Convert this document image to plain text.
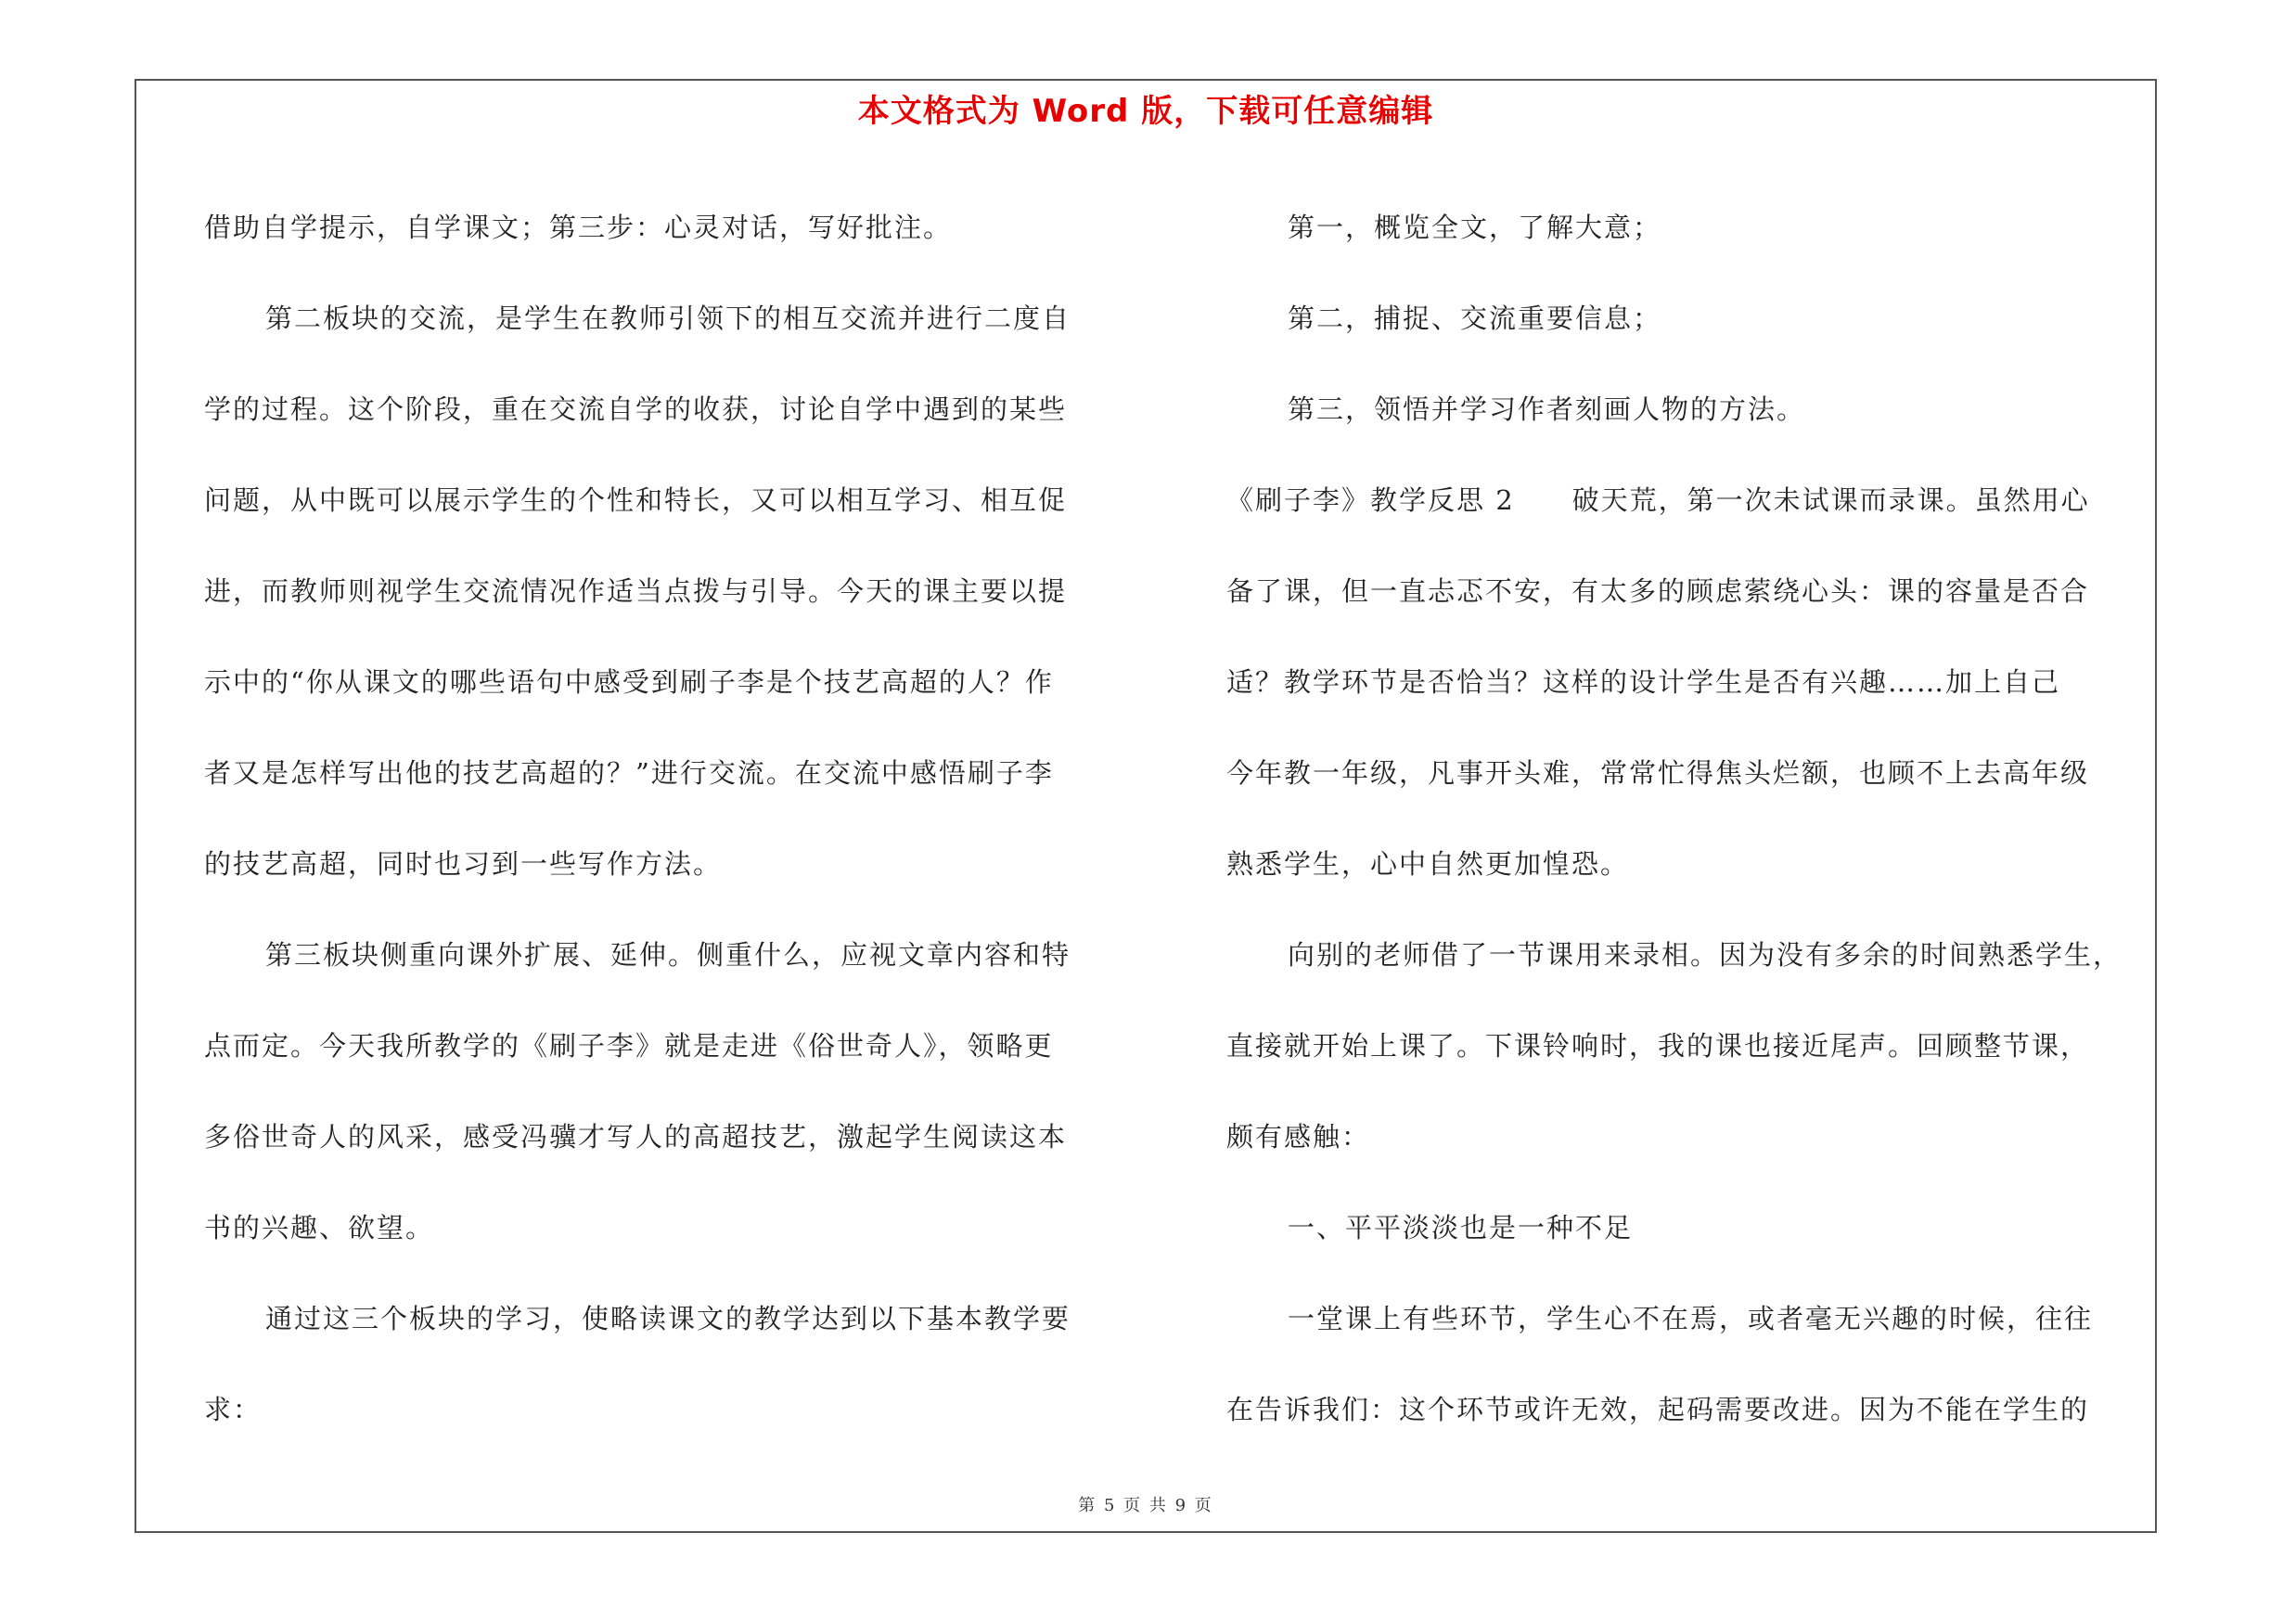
本文格式为 Word 版，下载可任意编辑

借助自学提示，自学课文；第三步：心灵对话，写好批注。

第二板块的交流，是学生在教师引领下的相互交流并进行二度自

学的过程。这个阶段，重在交流自学的收获，讨论自学中遇到的某些

问题，从中既可以展示学生的个性和特长，又可以相互学习、相互促

进，而教师则视学生交流情况作适当点拨与引导。今天的课主要以提

示中的“你从课文的哪些语句中感受到刷子李是个技艺高超的人？作

者又是怎样写出他的技艺高超的？”进行交流。在交流中感悟刷子李

的技艺高超，同时也习到一些写作方法。

第三板块侧重向课外扩展、延伸。侧重什么，应视文章内容和特

点而定。今天我所教学的《刷子李》就是走进《俗世奇人》，领略更

多俗世奇人的风采，感受冯骥才写人的高超技艺，激起学生阅读这本

书的兴趣、欲望。

通过这三个板块的学习，使略读课文的教学达到以下基本教学要

求：

第一，概览全文，了解大意；

第二，捕捉、交流重要信息；

第三，领悟并学习作者刻画人物的方法。

《刷子李》教学反思 2　　破天荒，第一次未试课而录课。虽然用心

备了课，但一直忐忑不安，有太多的顾虑萦绕心头：课的容量是否合

适？教学环节是否恰当？这样的设计学生是否有兴趣……加上自己

今年教一年级，凡事开头难，常常忙得焦头烂额，也顾不上去高年级

熟悉学生，心中自然更加惶恐。

向别的老师借了一节课用来录相。因为没有多余的时间熟悉学生，

直接就开始上课了。下课铃响时，我的课也接近尾声。回顾整节课，

颇有感触：

一、平平淡淡也是一种不足

一堂课上有些环节，学生心不在焉，或者毫无兴趣的时候，往往

在告诉我们：这个环节或许无效，起码需要改进。因为不能在学生的

第 5 页 共 9 页
